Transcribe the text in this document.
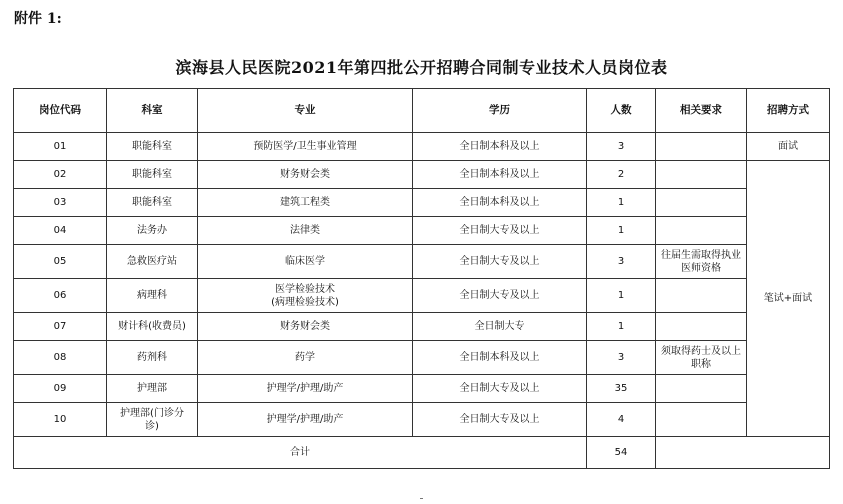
附件 1:
滨海县人民医院2021年第四批公开招聘合同制专业技术人员岗位表
岗位代码	科室	专业	学历	人数	相关要求	招聘方式
01	职能科室	预防医学/卫生事业管理	全日制本科及以上	3		面试
02	职能科室	财务财会类	全日制本科及以上	2		笔试+面试
03	职能科室	建筑工程类	全日制本科及以上	1		
04	法务办	法律类	全日制大专及以上	1		
05	急救医疗站	临床医学	全日制大专及以上	3	往届生需取得执业医师资格	
06	病理科	医学检验技术
(病理检验技术)	全日制大专及以上	1		
07	财计科(收费员)	财务财会类	全日制大专	1		
08	药剂科	药学	全日制本科及以上	3	须取得药士及以上职称	
09	护理部	护理学/护理/助产	全日制大专及以上	35		
10	护理部(门诊分
诊)	护理学/护理/助产	全日制大专及以上	4		
合计				54		
